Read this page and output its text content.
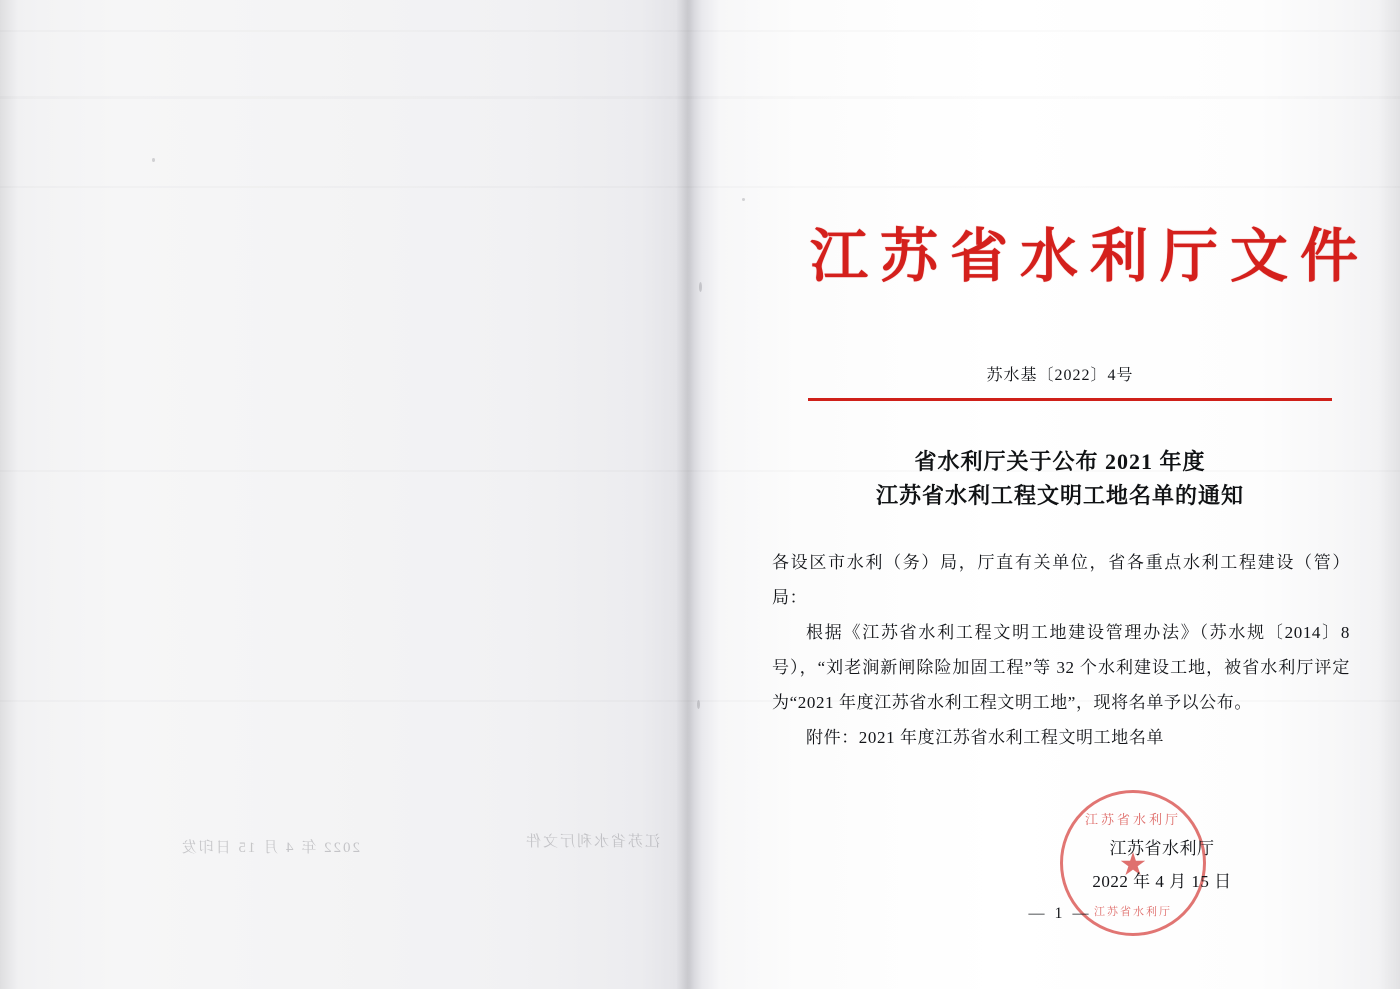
江苏省水利厅文件
2022 年 4 月 15 日印发
江苏省水利厅文件
苏水基〔2022〕4号
省水利厅关于公布 2021 年度
江苏省水利工程文明工地名单的通知

各设区市水利（务）局，厅直有关单位，省各重点水利工程建设（管）局：

根据《江苏省水利工程文明工地建设管理办法》（苏水规〔2014〕8 号），“刘老涧新闸除险加固工程”等 32 个水利建设工地，被省水利厅评定为“2021 年度江苏省水利工程文明工地”，现将名单予以公布。

附件：2021 年度江苏省水利工程文明工地名单

江苏省水利厅
★
江苏省水利厅
江苏省水利厅
2022 年 4 月 15 日
— 1 —
